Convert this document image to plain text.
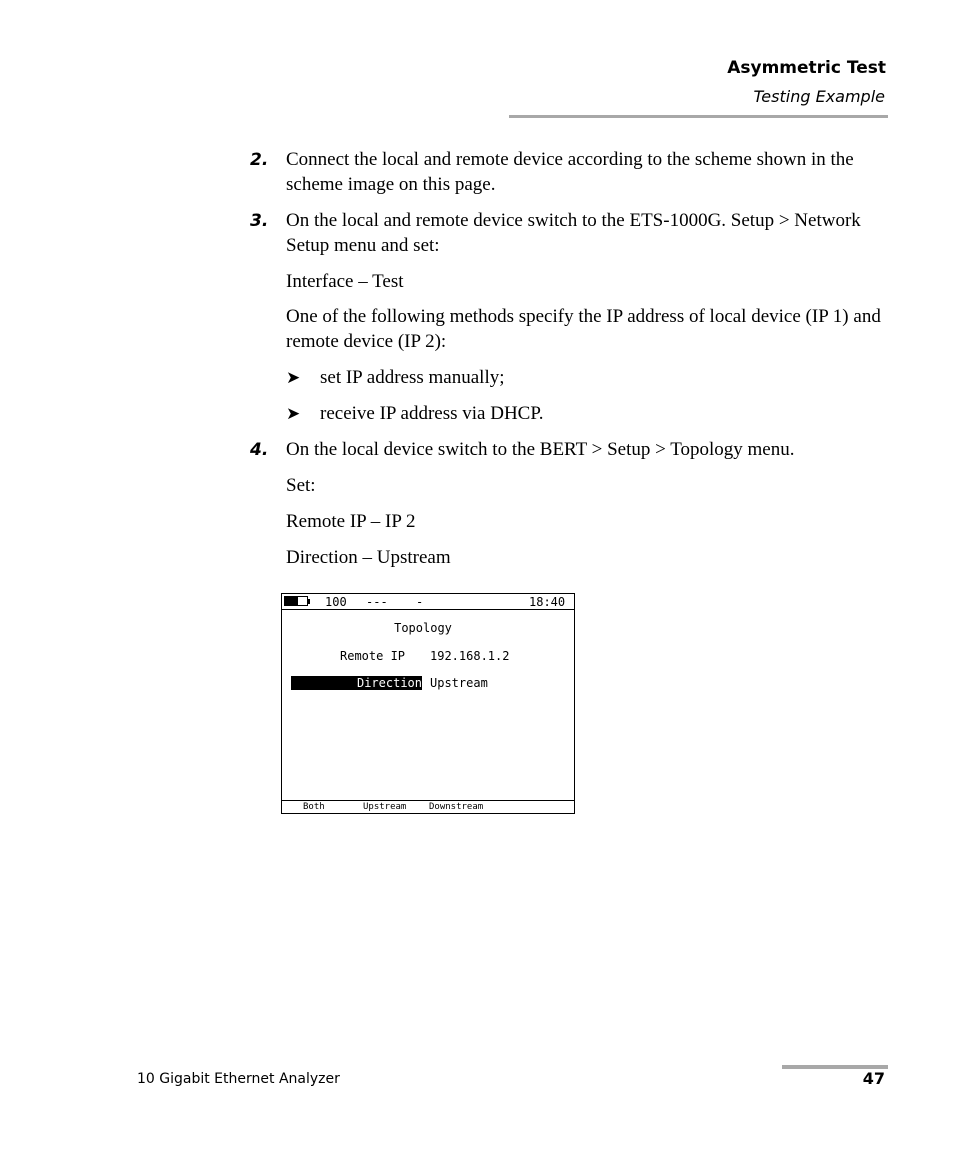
Asymmetric Test
Testing Example
2. Connect the local and remote device according to the scheme shown in the scheme image on this page.
3. On the local and remote device switch to the ETS-1000G. Setup > Network Setup menu and set:
Interface – Test
One of the following methods specify the IP address of local device (IP 1) and remote device (IP 2):
➤ set IP address manually;
➤ receive IP address via DHCP.
4. On the local device switch to the BERT > Setup > Topology menu.
Set:
Remote IP – IP 2
Direction – Upstream
100 --- -	18:40
Topology
Remote IP 192.168.1.2
Direction Upstream
Both	Upstream	Downstream
10 Gigabit Ethernet Analyzer	47
